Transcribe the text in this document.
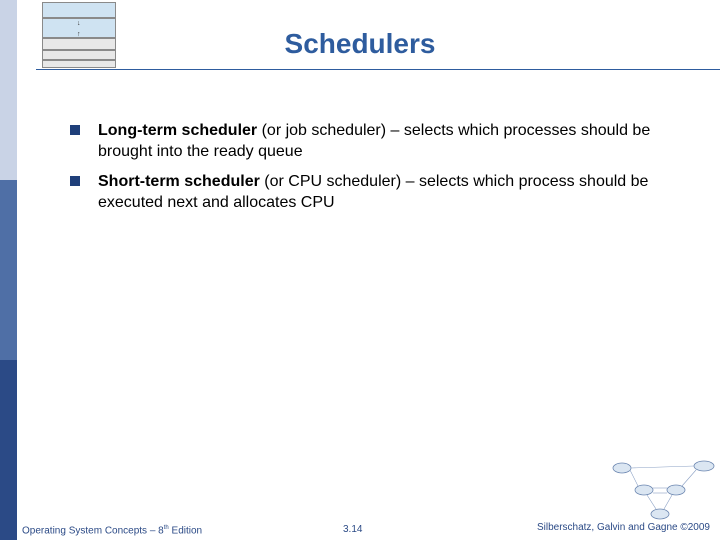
↓
↑	Schedulers
Long-term scheduler (or job scheduler) – selects which processes should be brought into the ready queue
Short-term scheduler (or CPU scheduler) – selects which process should be executed next and allocates CPU
Operating System Concepts – 8th Edition	3.14	Silberschatz, Galvin and Gagne ©2009
